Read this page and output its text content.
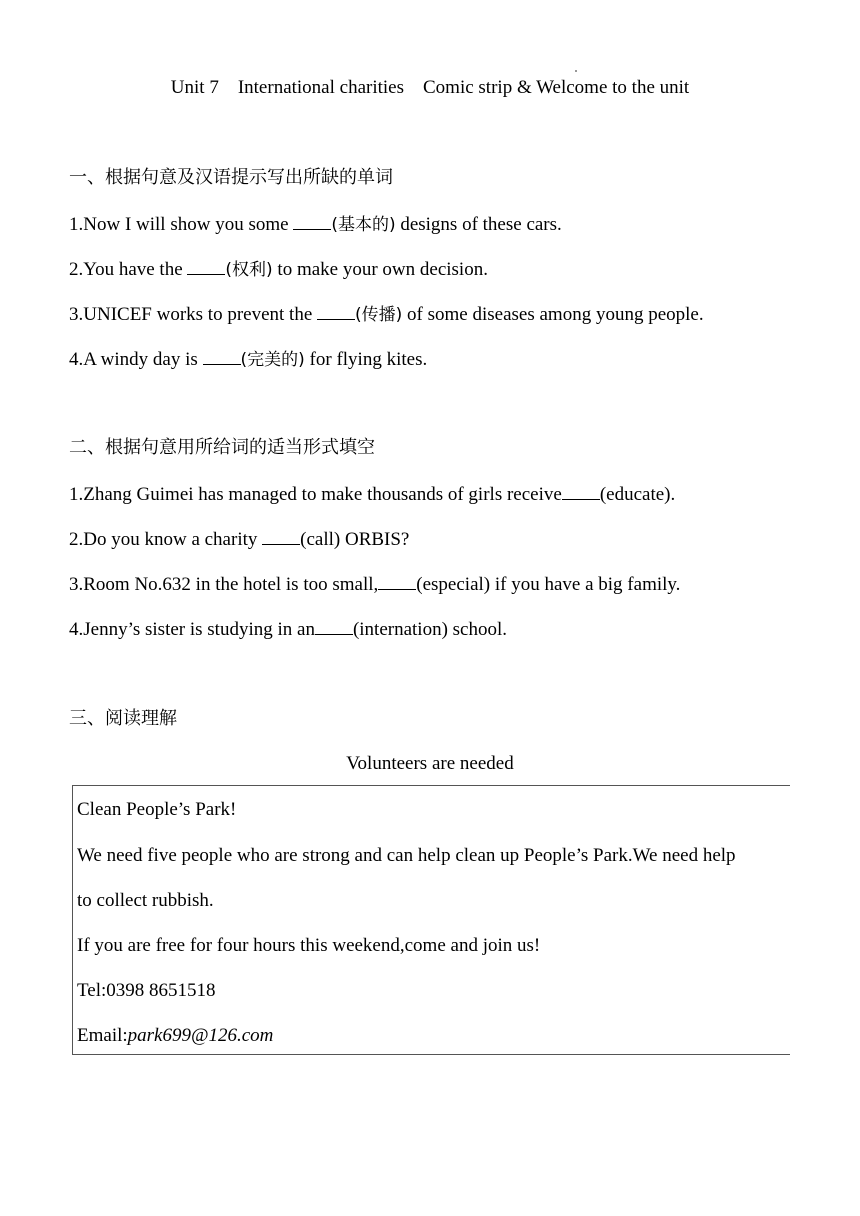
Unit 7    International charities    Comic strip & Welcome to the unit
一、根据句意及汉语提示写出所缺的单词
1.Now I will show you some (基本的) designs of these cars.
2.You have the (权利) to make your own decision.
3.UNICEF works to prevent the (传播) of some diseases among young people.
4.A windy day is (完美的) for flying kites.
二、根据句意用所给词的适当形式填空
1.Zhang Guimei has managed to make thousands of girls receive (educate).
2.Do you know a charity (call) ORBIS?
3.Room No.632 in the hotel is too small, (especial) if you have a big family.
4.Jenny’s sister is studying in an (internation) school.
三、阅读理解
Volunteers are needed
Clean People’s Park!
We need five people who are strong and can help clean up People’s Park.We need help
to collect rubbish.
If you are free for four hours this weekend,come and join us!
Tel:0398 8651518
Email:park699@126.com
